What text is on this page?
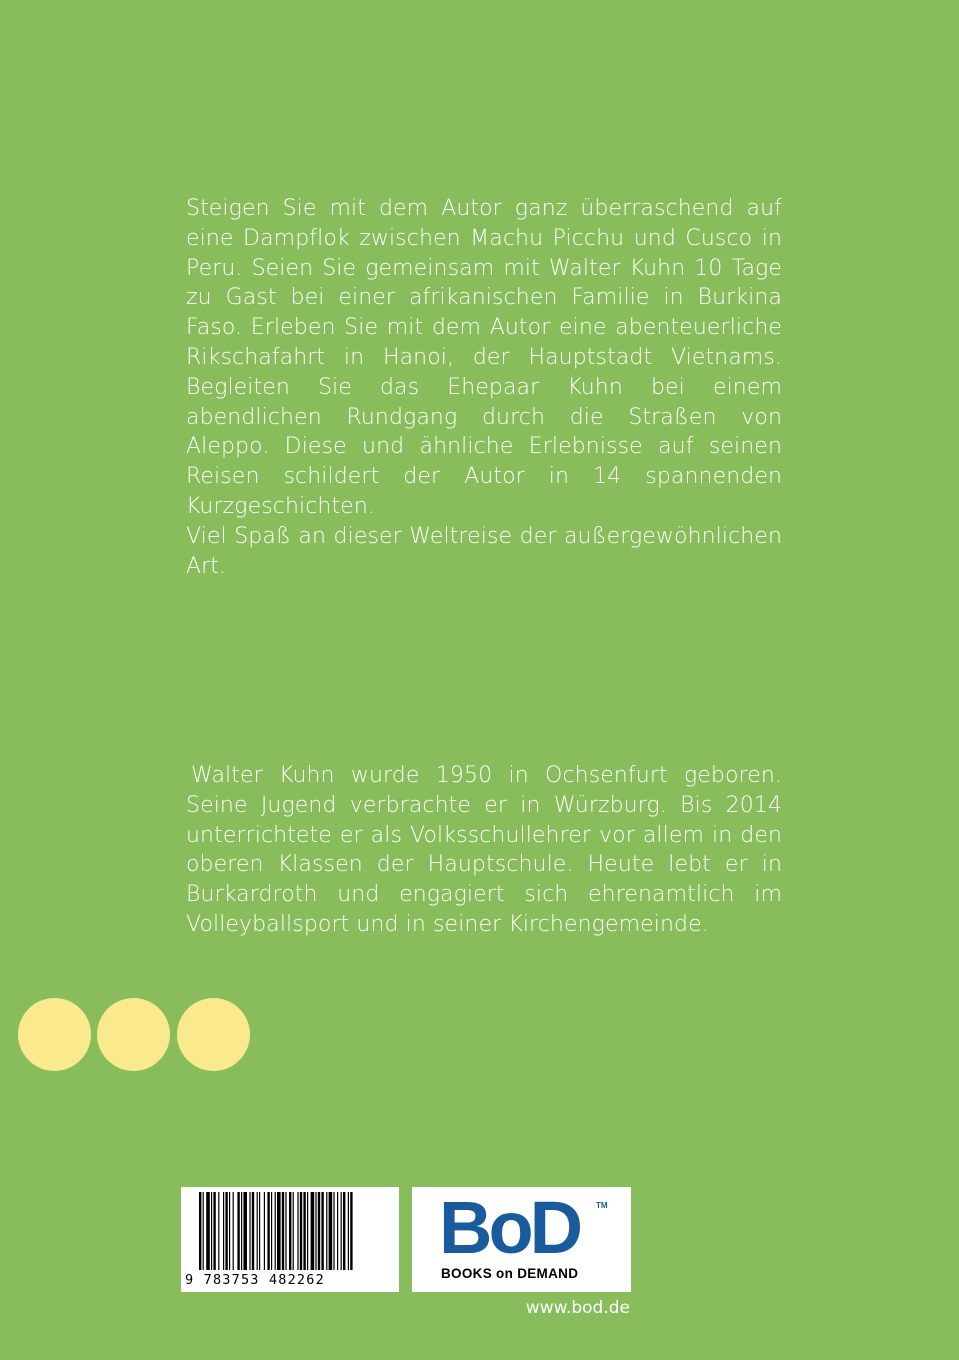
Steigen Sie mit dem Autor ganz überraschend auf eine Dampflok zwischen Machu Picchu und Cusco in Peru. Seien Sie gemeinsam mit Walter Kuhn 10 Tage zu Gast bei einer afrikanischen Familie in Burkina Faso. Erleben Sie mit dem Autor eine abenteuerliche Rikschafahrt in Hanoi, der Hauptstadt Vietnams. Begleiten Sie das Ehepaar Kuhn bei einem abendlichen Rundgang durch die Straßen von Aleppo. Diese und ähnliche Erlebnisse auf seinen Reisen schildert der Autor in 14 spannenden Kurzgeschichten.
Viel Spaß an dieser Weltreise der außergewöhnlichen Art.
Walter Kuhn wurde 1950 in Ochsenfurt geboren. Seine Jugend verbrachte er in Würzburg. Bis 2014 unterrichtete er als Volksschullehrer vor allem in den oberen Klassen der Hauptschule. Heute lebt er in Burkardroth und engagiert sich ehrenamtlich im Volleyballsport und in seiner Kirchengemeinde.
9 783753 482262
BoD TM
BOOKS on DEMAND
www.bod.de
